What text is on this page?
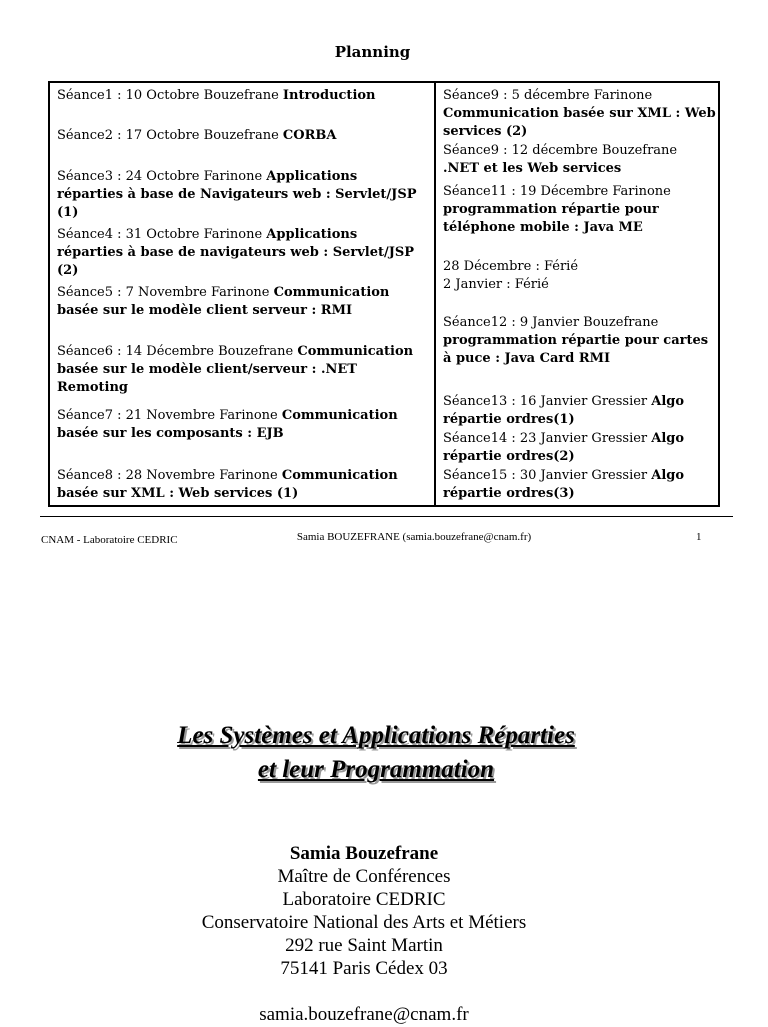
Planning

Séance1 : 10 Octobre Bouzefrane Introduction

Séance2 : 17 Octobre Bouzefrane CORBA

Séance3 : 24 Octobre Farinone Applications réparties à base de Navigateurs web : Servlet/JSP (1)

Séance4 : 31 Octobre Farinone Applications réparties à base de navigateurs web : Servlet/JSP (2)

Séance5 : 7 Novembre Farinone Communication basée sur le modèle client serveur : RMI

Séance6 : 14 Décembre Bouzefrane Communication basée sur le modèle client/serveur : .NET Remoting

Séance7 : 21 Novembre Farinone Communication basée sur les composants : EJB

Séance8 : 28 Novembre Farinone Communication basée sur XML : Web services (1)

Séance9 : 5 décembre Farinone
Communication basée sur XML : Web services (2)

Séance9 : 12 décembre Bouzefrane
.NET et les Web services

Séance11 : 19 Décembre Farinone
programmation répartie pour téléphone mobile : Java ME

28 Décembre : Férié

2 Janvier : Férié

Séance12 : 9 Janvier Bouzefrane
programmation répartie pour cartes à puce : Java Card RMI

Séance13 : 16 Janvier Gressier Algo répartie ordres(1)

Séance14 : 23 Janvier Gressier Algo répartie ordres(2)

Séance15 : 30 Janvier Gressier Algo répartie ordres(3)

CNAM - Laboratoire CEDRIC	Samia BOUZEFRANE (samia.bouzefrane@cnam.fr)	1
Les Systèmes et Applications Réparties
et leur Programmation
Samia Bouzefrane
Maître de Conférences
Laboratoire CEDRIC
Conservatoire National des Arts et Métiers
292 rue Saint Martin
75141 Paris Cédex 03
samia.bouzefrane@cnam.fr
